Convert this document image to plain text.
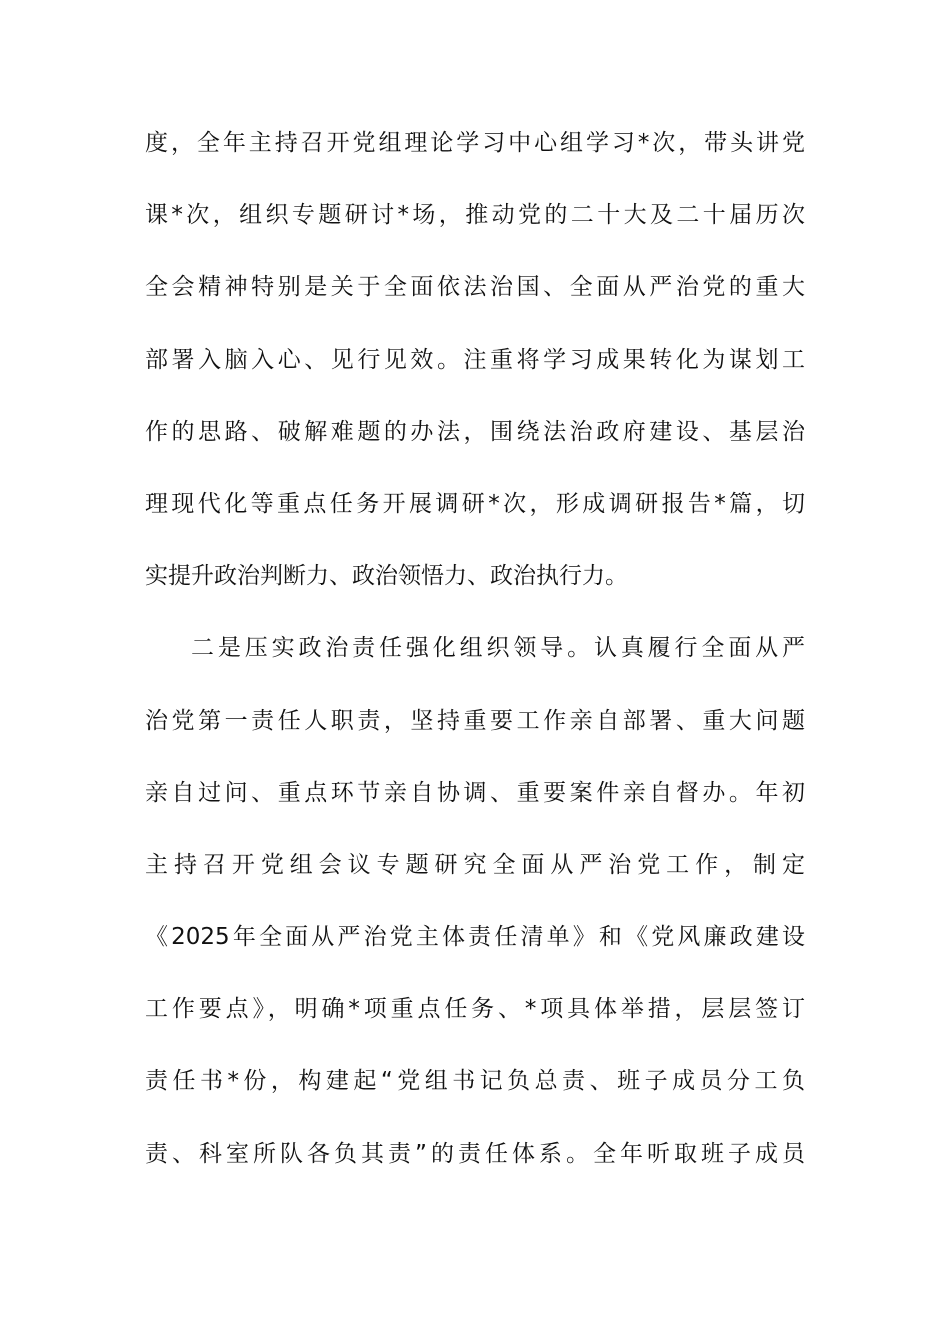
度，全年主持召开党组理论学习中心组学习*次，带头讲党
课*次，组织专题研讨*场，推动党的二十大及二十届历次
全会精神特别是关于全面依法治国、全面从严治党的重大
部署入脑入心、见行见效。注重将学习成果转化为谋划工
作的思路、破解难题的办法，围绕法治政府建设、基层治
理现代化等重点任务开展调研*次，形成调研报告*篇，切
实提升政治判断力、政治领悟力、政治执行力。
二是压实政治责任强化组织领导。认真履行全面从严
治党第一责任人职责，坚持重要工作亲自部署、重大问题
亲自过问、重点环节亲自协调、重要案件亲自督办。年初
主持召开党组会议专题研究全面从严治党工作，制定
《2025年全面从严治党主体责任清单》和《党风廉政建设
工作要点》，明确*项重点任务、*项具体举措，层层签订
责任书*份，构建起“党组书记负总责、班子成员分工负
责、科室所队各负其责”的责任体系。全年听取班子成员
